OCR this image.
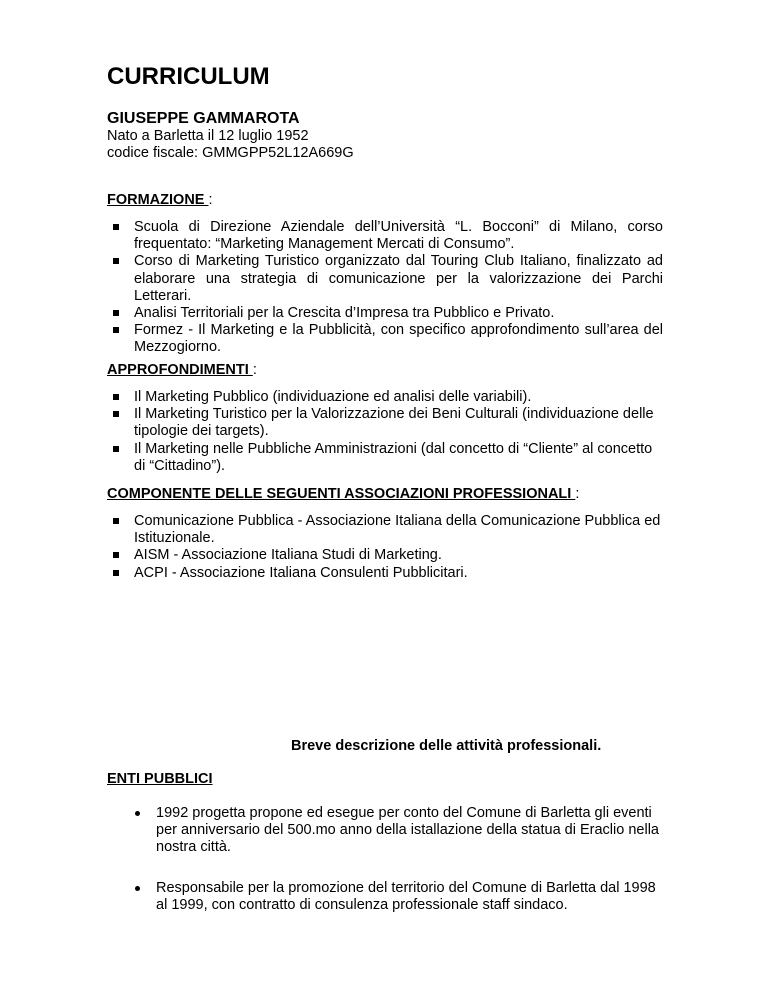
CURRICULUM
GIUSEPPE GAMMAROTA
Nato a Barletta il 12 luglio 1952
codice fiscale: GMMGPP52L12A669G
FORMAZIONE :
Scuola di Direzione Aziendale dell’Università “L. Bocconi” di Milano, corso frequentato: “Marketing Management Mercati di Consumo”.
Corso di Marketing Turistico organizzato dal Touring Club Italiano, finalizzato ad elaborare una strategia di comunicazione per la valorizzazione dei Parchi Letterari.
Analisi Territoriali per la Crescita d’Impresa tra Pubblico e Privato.
Formez - Il Marketing e la Pubblicità, con specifico approfondimento sull’area del Mezzogiorno.
APPROFONDIMENTI :
Il Marketing Pubblico (individuazione ed analisi delle variabili).
Il Marketing Turistico per la Valorizzazione dei Beni Culturali (individuazione delle tipologie dei targets).
Il Marketing nelle Pubbliche Amministrazioni (dal concetto di “Cliente” al concetto di “Cittadino”).
COMPONENTE DELLE SEGUENTI ASSOCIAZIONI PROFESSIONALI :
Comunicazione Pubblica - Associazione Italiana della Comunicazione Pubblica ed Istituzionale.
AISM - Associazione Italiana Studi di Marketing.
ACPI - Associazione Italiana Consulenti Pubblicitari.
Breve descrizione delle attività professionali.
ENTI PUBBLICI
1992 progetta propone ed esegue per conto del Comune di Barletta gli eventi per anniversario del 500.mo anno della istallazione della statua di Eraclio nella nostra città.
Responsabile per la promozione del territorio del Comune di Barletta dal 1998 al 1999, con contratto di consulenza professionale staff sindaco.
